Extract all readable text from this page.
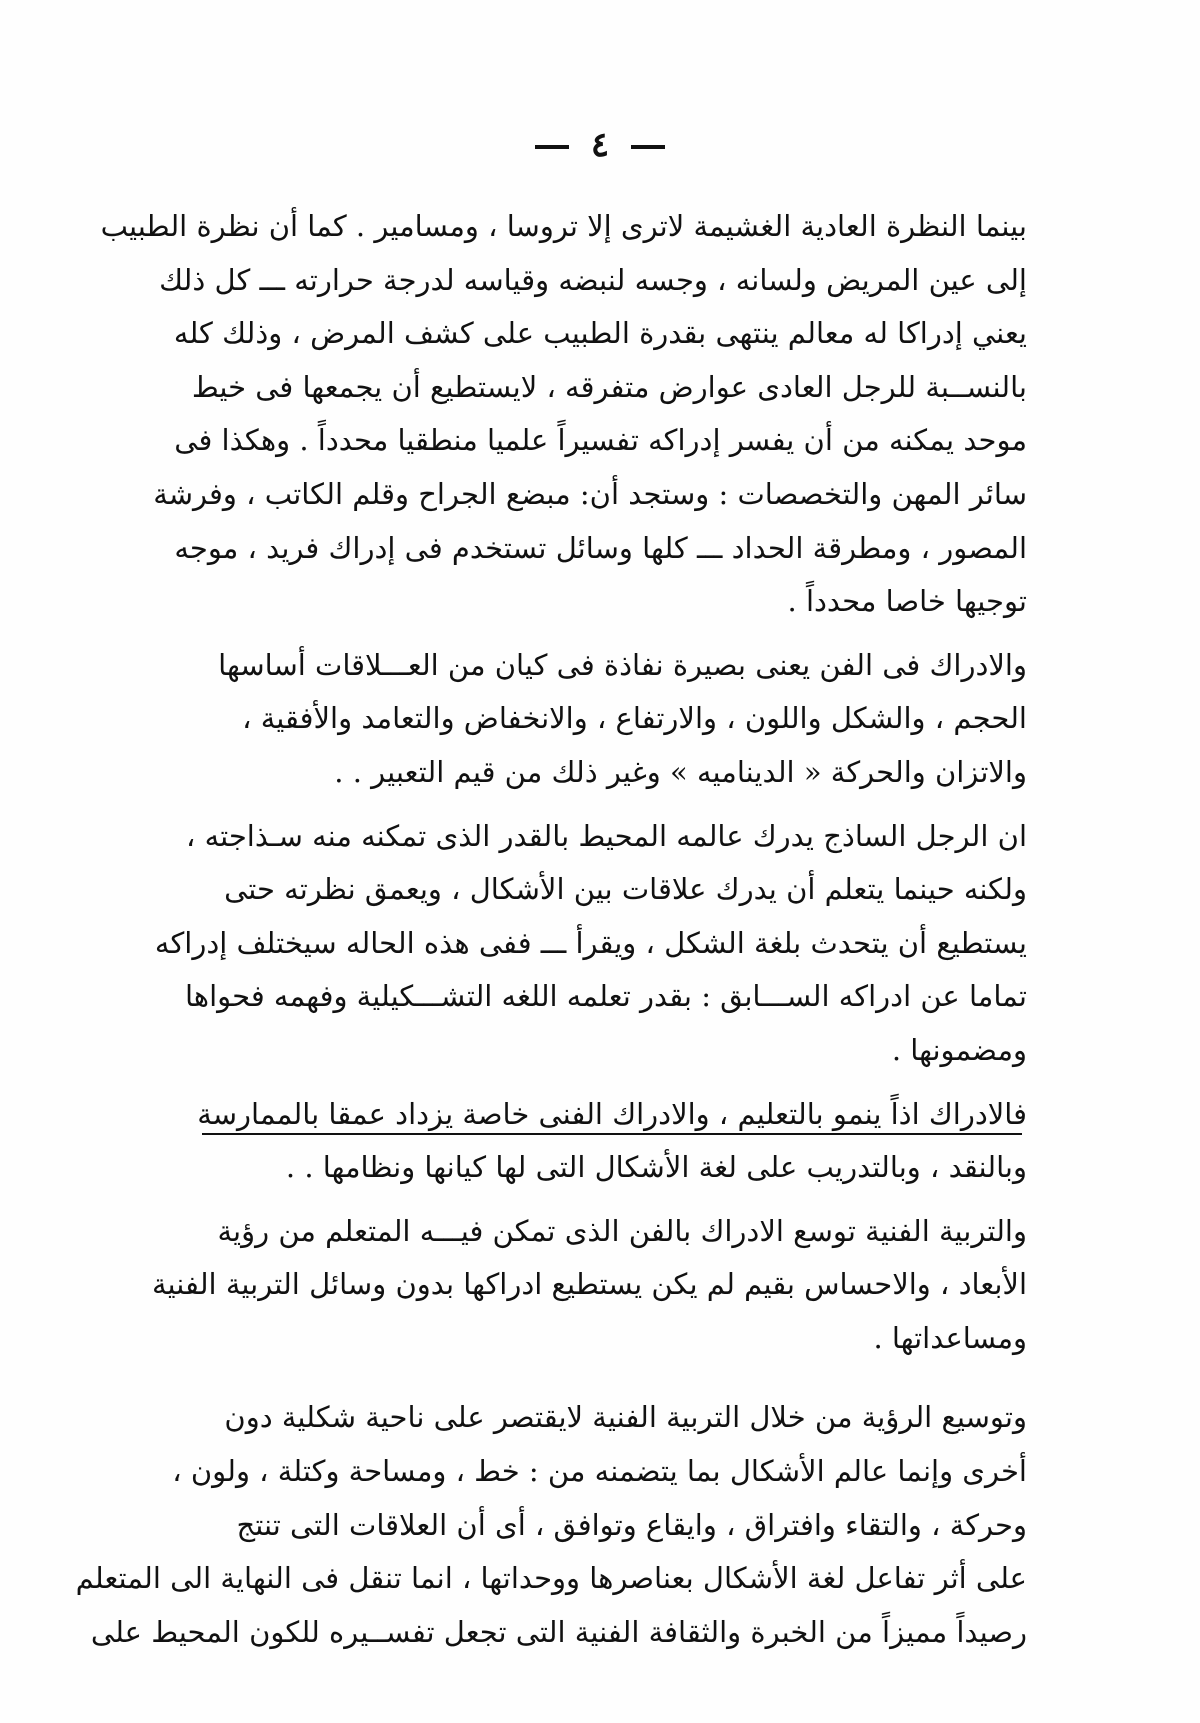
٤
بينما النظرة العادية الغشيمة لاترى إلا تروسا ، ومسامير . كما أن نظرة الطبيب
إلى عين المريض ولسانه ، وجسه لنبضه وقياسه لدرجة حرارته ـــ كل ذلك
يعني إدراكا له معالم ينتهى بقدرة الطبيب على كشف المرض ، وذلك كله
بالنســبة للرجل العادى عوارض متفرقه ، لايستطيع أن يجمعها فى خيط
موحد يمكنه من أن يفسر إدراكه تفسيراً علميا منطقيا محدداً . وهكذا فى
سائر المهن والتخصصات : وستجد أن: مبضع الجراح وقلم الكاتب ، وفرشة
المصور ، ومطرقة الحداد ـــ كلها وسائل تستخدم فى إدراك فريد ، موجه
توجيها خاصا محدداً .
والادراك فى الفن يعنى بصيرة نفاذة فى كيان من العـــلاقات أساسها
الحجم ، والشكل واللون ، والارتفاع ، والانخفاض والتعامد والأفقية ،
والاتزان والحركة « الديناميه » وغير ذلك من قيم التعبير . .
ان الرجل الساذج يدرك عالمه المحيط بالقدر الذى تمكنه منه سـذاجته ،
ولكنه حينما يتعلم أن يدرك علاقات بين الأشكال ، ويعمق نظرته حتى
يستطيع أن يتحدث بلغة الشكل ، ويقرأ ـــ ففى هذه الحاله سيختلف إدراكه
تماما عن ادراكه الســـابق : بقدر تعلمه اللغه التشـــكيلية وفهمه فحواها
ومضمونها .
فالادراك اذاً ينمو بالتعليم ، والادراك الفنى خاصة يزداد عمقا بالممارسة
وبالنقد ، وبالتدريب على لغة الأشكال التى لها كيانها ونظامها . .
والتربية الفنية توسع الادراك بالفن الذى تمكن فيـــه المتعلم من رؤية
الأبعاد ، والاحساس بقيم لم يكن يستطيع ادراكها بدون وسائل التربية الفنية
ومساعداتها .
وتوسيع الرؤية من خلال التربية الفنية لايقتصر على ناحية شكلية دون
أخرى وإنما عالم الأشكال بما يتضمنه من : خط ، ومساحة وكتلة ، ولون ،
وحركة ، والتقاء وافتراق ، وايقاع وتوافق ، أى أن العلاقات التى تنتج
على أثر تفاعل لغة الأشكال بعناصرها ووحداتها ، انما تنقل فى النهاية الى المتعلم
رصيداً مميزاً من الخبرة والثقافة الفنية التى تجعل تفســيره للكون المحيط على
